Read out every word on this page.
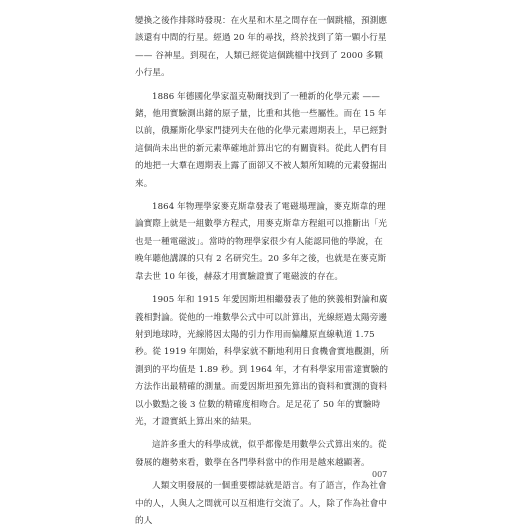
變換之後作排隊時發現：在火星和木星之間存在一個跳檔，預測應該還有中間的行星。經過 20 年的尋找，終於找到了第一顆小行星 —— 谷神星。到現在，人類已經從這個跳檔中找到了 2000 多顆小行星。

1886 年德國化學家溫克勒爾找到了一種新的化學元素 —— 鍺，他用實驗測出鍺的原子量，比重和其他一些屬性。而在 15 年以前，俄羅斯化學家門捷列夫在他的化學元素週期表上，早已經對這個尚未出世的新元素準確地計算出它的有關資料。從此人們有目的地把一大羣在週期表上露了面卻又不被人類所知曉的元素發掘出來。

1864 年物理學家麥克斯韋發表了電磁場理論，麥克斯韋的理論實際上就是一組數學方程式，用麥克斯韋方程組可以推斷出「光也是一種電磁波」。當時的物理學家很少有人能認同他的學說，在晚年聽他講課的只有 2 名研究生。20 多年之後，也就是在麥克斯韋去世 10 年後，赫茲才用實驗證實了電磁波的存在。

1905 年和 1915 年愛因斯坦相繼發表了他的狹義相對論和廣義相對論。從他的一堆數學公式中可以計算出，光線經過太陽旁邊射到地球時，光線將因太陽的引力作用而偏離原直線軌道 1.75 秒。從 1919 年開始，科學家就不斷地利用日食機會實地觀測，所測到的平均值是 1.89 秒。到 1964 年，才有科學家用雷達實驗的方法作出最精確的測量。而愛因斯坦預先算出的資料和實測的資料以小數點之後 3 位數的精確度相吻合。足足花了 50 年的實驗時光，才證實紙上算出來的結果。

這許多重大的科學成就，似乎都像是用數學公式算出來的。從發展的趨勢來看，數學在各門學科當中的作用是越來越顯著。

人類文明發展的一個重要標誌就是語言。有了語言，作為社會中的人，人與人之間就可以互相進行交流了。人，除了作為社會中的人

007
